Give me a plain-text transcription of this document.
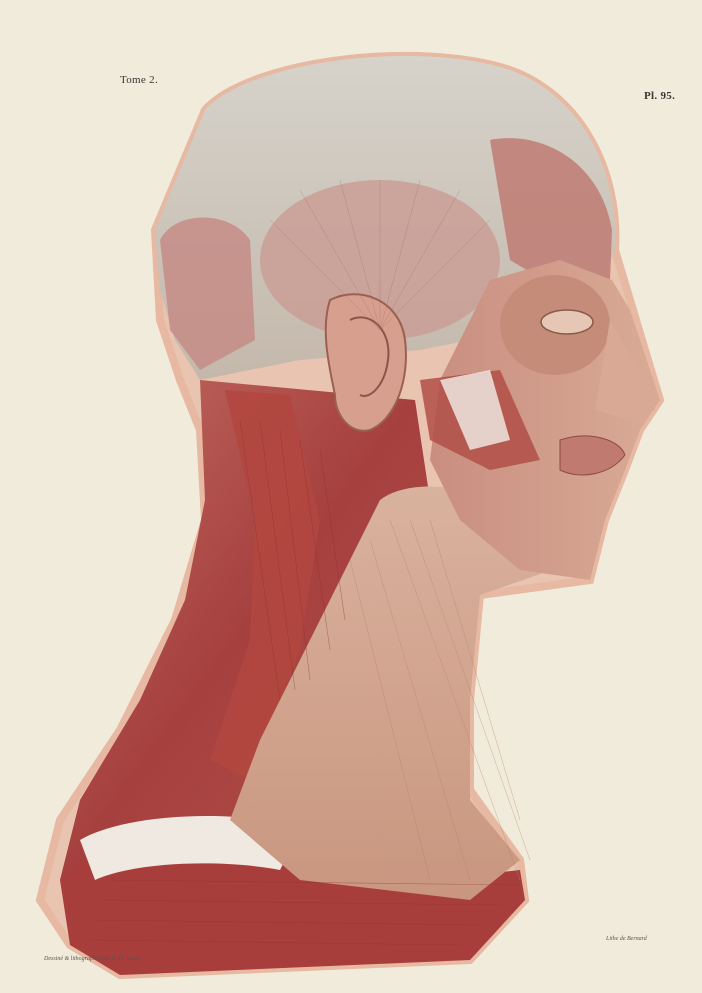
Tome 2.
Pl. 95.
Dessiné & lithographié par N. H. Jacob
Lithe de Bernard
